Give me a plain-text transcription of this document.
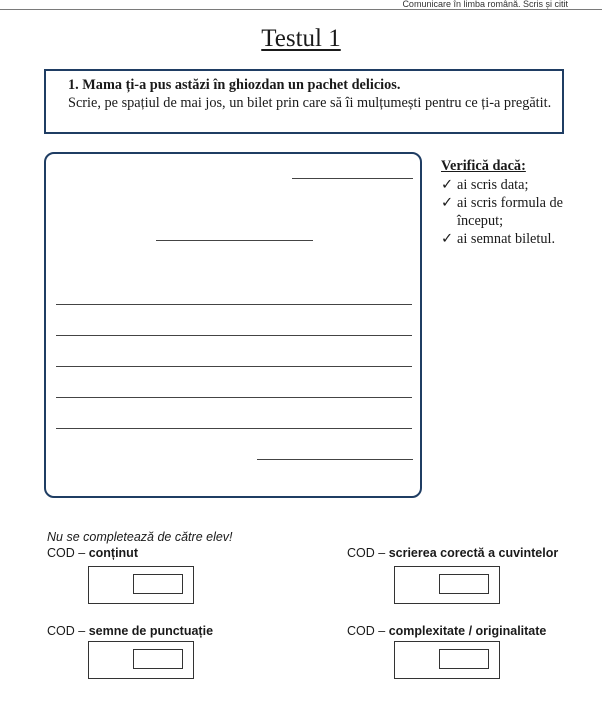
Comunicare în limba română. Scris și citit
Testul 1
1. Mama ți-a pus astăzi în ghiozdan un pachet delicios.
Scrie, pe spațiul de mai jos, un bilet prin care să îi mulțumești pentru ce ți-a pregătit.
Verifică dacă:
✓ ai scris data;
✓ ai scris formula de început;
✓ ai semnat biletul.
Nu se completează de către elev!
COD – conținut	COD – scrierea corectă a cuvintelor
COD – semne de punctuație	COD – complexitate / originalitate
